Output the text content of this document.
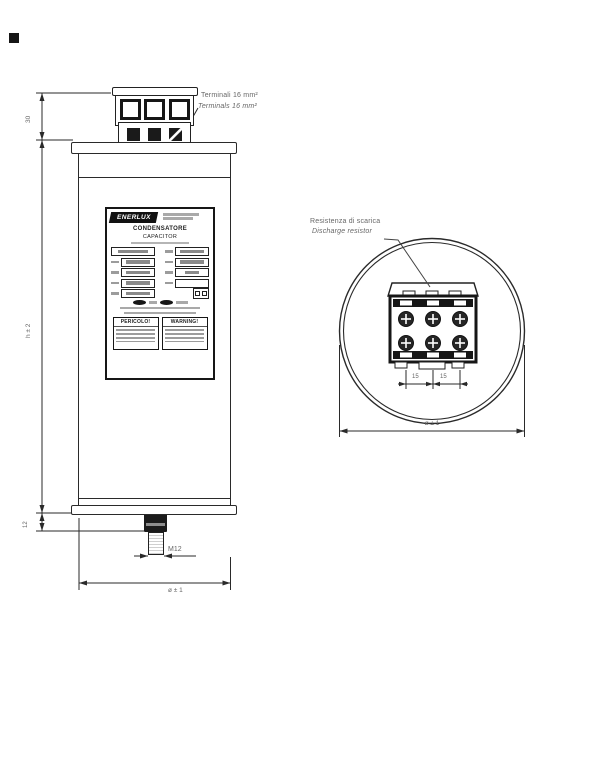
ENERLUX
CONDENSATORE
CAPACITOR
PERICOLO!	WARNING!
Terminali 16 mm²
Terminals 16 mm²
Resistenza di scarica
Discharge resistor
30
h ± 2
12
M12
ø ± 1
15	15
ø ± 1
